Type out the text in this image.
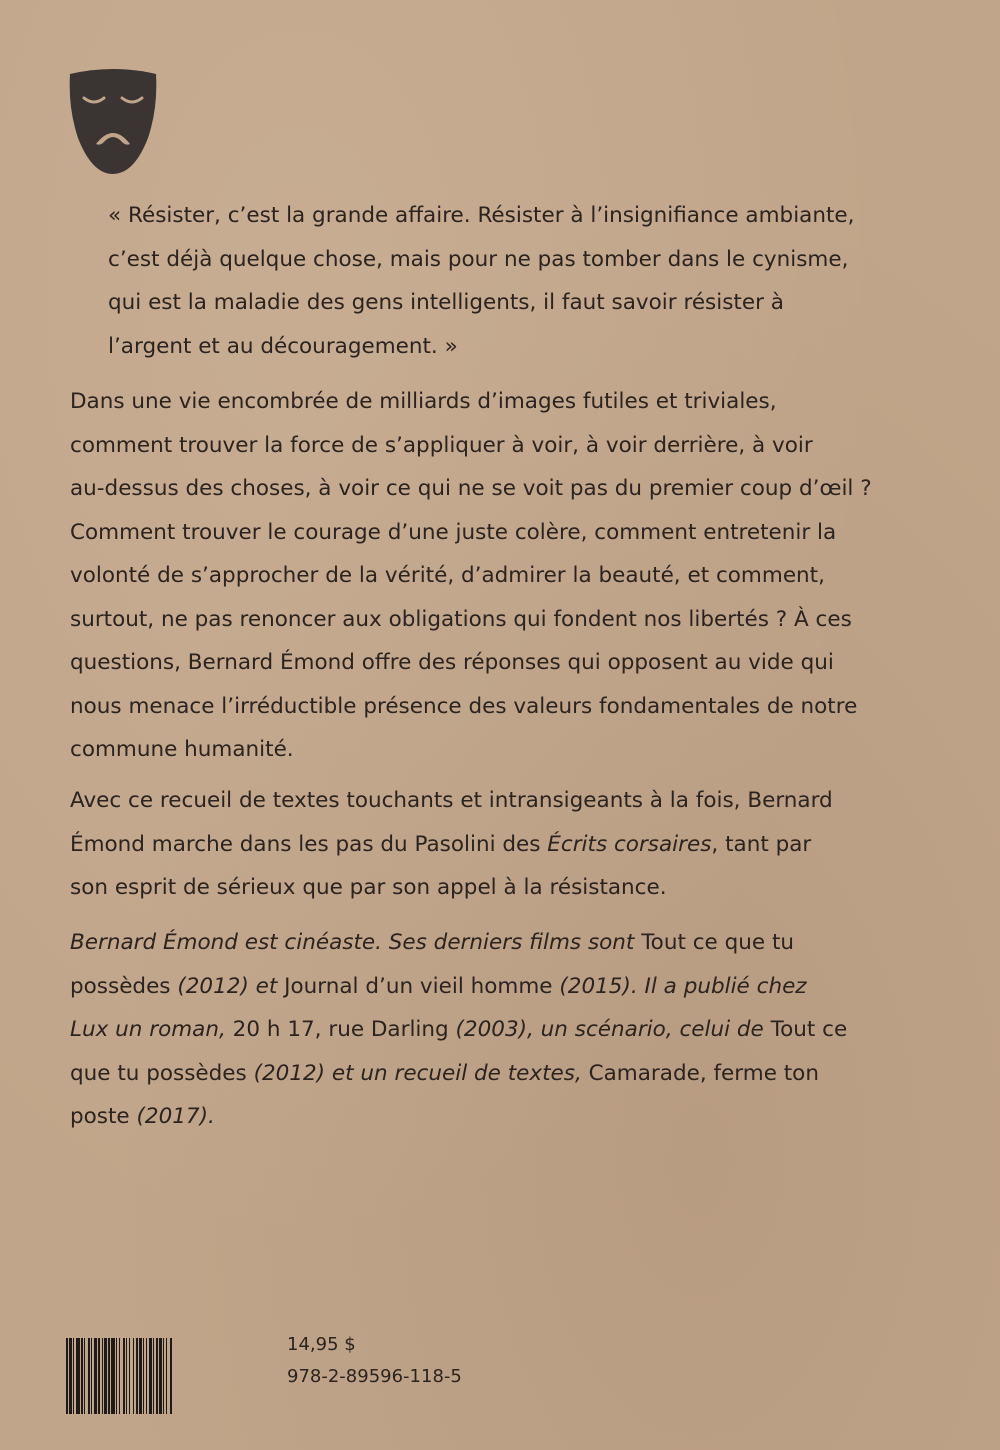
« Résister, c’est la grande affaire. Résister à l’insignifiance ambiante,
c’est déjà quelque chose, mais pour ne pas tomber dans le cynisme,
qui est la maladie des gens intelligents, il faut savoir résister à
l’argent et au découragement. »

Dans une vie encombrée de milliards d’images futiles et triviales,
comment trouver la force de s’appliquer à voir, à voir derrière, à voir
au-dessus des choses, à voir ce qui ne se voit pas du premier coup d’œil ?
Comment trouver le courage d’une juste colère, comment entretenir la
volonté de s’approcher de la vérité, d’admirer la beauté, et comment,
surtout, ne pas renoncer aux obligations qui fondent nos libertés ? À ces
questions, Bernard Émond offre des réponses qui opposent au vide qui
nous menace l’irréductible présence des valeurs fondamentales de notre
commune humanité.

Avec ce recueil de textes touchants et intransigeants à la fois, Bernard
Émond marche dans les pas du Pasolini des Écrits corsaires, tant par
son esprit de sérieux que par son appel à la résistance.

Bernard Émond est cinéaste. Ses derniers films sont Tout ce que tu
possèdes (2012) et Journal d’un vieil homme (2015). Il a publié chez
Lux un roman, 20 h 17, rue Darling (2003), un scénario, celui de Tout ce
que tu possèdes (2012) et un recueil de textes, Camarade, ferme ton
poste (2017).

14,95 $
978-2-89596-118-5
